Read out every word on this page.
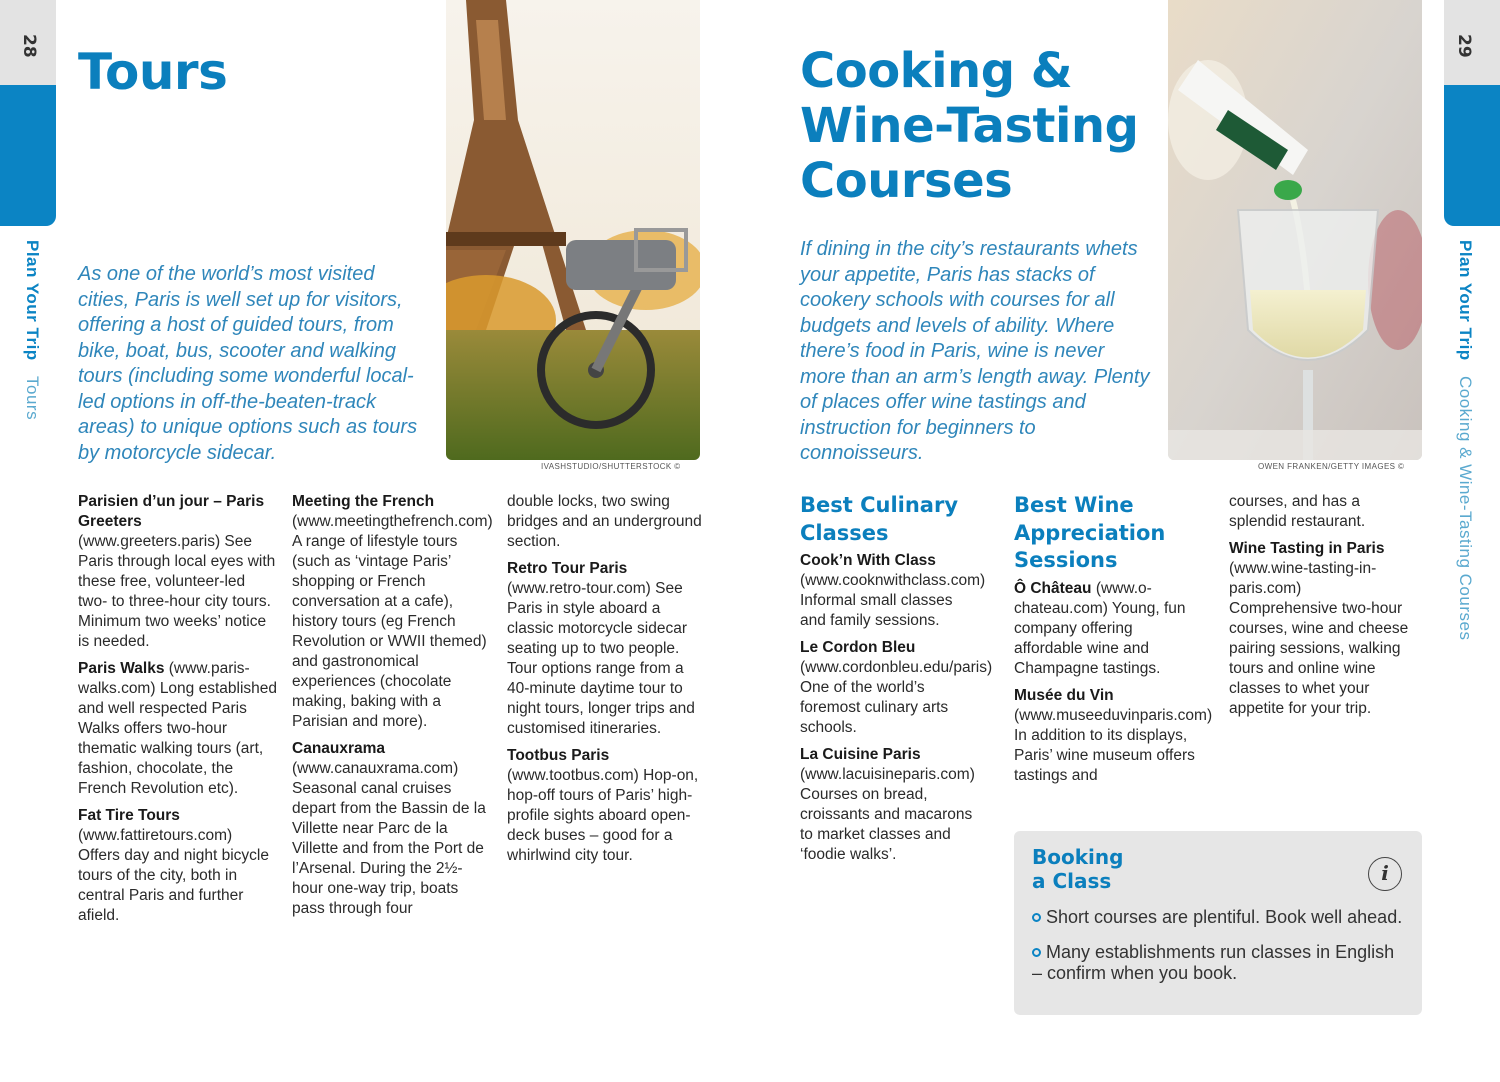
28
Plan Your Trip Tours
Tours

As one of the world’s most visited cities, Paris is well set up for visitors, offering a host of guided tours, from bike, boat, bus, scooter and walking tours (including some wonderful local-led options in off-the-beaten-track areas) to unique options such as tours by motorcycle sidecar.

IVASHSTUDIO/SHUTTERSTOCK ©

Parisien d’un jour – Paris Greeters (www.greeters.paris) See Paris through local eyes with these free, volunteer-led two- to three-hour city tours. Minimum two weeks’ notice is needed.

Paris Walks (www.paris-walks.com) Long established and well respected Paris Walks offers two-hour thematic walking tours (art, fashion, chocolate, the French Revolution etc).

Fat Tire Tours (www.fattiretours.com) Offers day and night bicycle tours of the city, both in central Paris and further afield.

Meeting the French (www.meetingthefrench.com) A range of lifestyle tours (such as ‘vintage Paris’ shopping or French conversation at a cafe), history tours (eg French Revolution or WWII themed) and gastronomical experiences (chocolate making, baking with a Parisian and more).

Canauxrama (www.canauxrama.com) Seasonal canal cruises depart from the Bassin de la Villette near Parc de la Villette and from the Port de l’Arsenal. During the 2½-hour one-way trip, boats pass through four

double locks, two swing bridges and an underground section.

Retro Tour Paris (www.retro-tour.com) See Paris in style aboard a classic motorcycle sidecar seating up to two people. Tour options range from a 40-minute daytime tour to night tours, longer trips and customised itineraries.

Tootbus Paris (www.tootbus.com) Hop-on, hop-off tours of Paris’ high-profile sights aboard open-deck buses – good for a whirlwind city tour.

29
Plan Your Trip Cooking & Wine-Tasting Courses
Cooking &
Wine-Tasting
Courses

If dining in the city’s restaurants whets your appetite, Paris has stacks of cookery schools with courses for all budgets and levels of ability. Where there’s food in Paris, wine is never more than an arm’s length away. Plenty of places offer wine tastings and instruction for beginners to connoisseurs.

OWEN FRANKEN/GETTY IMAGES ©
Best Culinary Classes

Cook’n With Class (www.cooknwithclass.com) Informal small classes and family sessions.

Le Cordon Bleu (www.cordonbleu.edu/paris) One of the world’s foremost culinary arts schools.

La Cuisine Paris (www.lacuisineparis.com) Courses on bread, croissants and macarons to market classes and ‘foodie walks’.

Best Wine Appreciation Sessions

Ô Château (www.o-chateau.com) Young, fun company offering affordable wine and Champagne tastings.

Musée du Vin (www.museeduvinparis.com) In addition to its displays, Paris’ wine museum offers tastings and

courses, and has a splendid restaurant.

Wine Tasting in Paris (www.wine-tasting-in-paris.com) Comprehensive two-hour courses, wine and cheese pairing sessions, walking tours and online wine classes to whet your appetite for your trip.

Booking
a Class
Short courses are plentiful. Book well ahead.
Many establishments run classes in English – confirm when you book.
i
